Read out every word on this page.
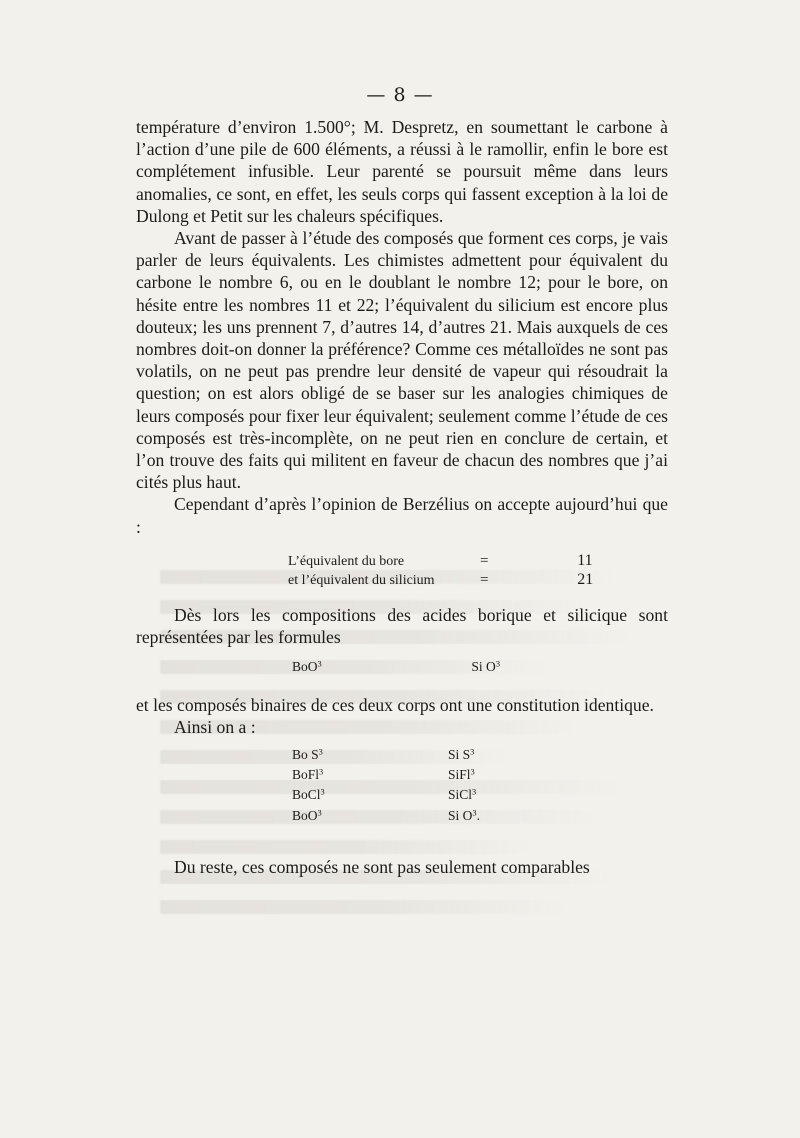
— 8 —

température d’environ 1.500°; M. Despretz, en soumettant le carbone à l’action d’une pile de 600 éléments, a réussi à le ramollir, enfin le bore est complétement infusible. Leur parenté se poursuit même dans leurs anomalies, ce sont, en effet, les seuls corps qui fassent exception à la loi de Dulong et Petit sur les chaleurs spécifiques.

Avant de passer à l’étude des composés que forment ces corps, je vais parler de leurs équivalents. Les chimistes admettent pour équivalent du carbone le nombre 6, ou en le doublant le nombre 12; pour le bore, on hésite entre les nombres 11 et 22; l’équivalent du silicium est encore plus douteux; les uns prennent 7, d’autres 14, d’autres 21. Mais auxquels de ces nombres doit-on donner la préférence? Comme ces métalloïdes ne sont pas volatils, on ne peut pas prendre leur densité de vapeur qui résoudrait la question; on est alors obligé de se baser sur les analogies chimiques de leurs composés pour fixer leur équivalent; seulement comme l’étude de ces composés est très-incomplète, on ne peut rien en conclure de certain, et l’on trouve des faits qui militent en faveur de chacun des nombres que j’ai cités plus haut.

Cependant d’après l’opinion de Berzélius on accepte aujourd’hui que :

L’équivalent du bore	=	11
et l’équivalent du silicium	=	21

Dès lors les compositions des acides borique et silicique sont représentées par les formules

BoO$^3$	Si $O^3$

et les composés binaires de ces deux corps ont une constitution identique.

Ainsi on a :

Bo $S^3$	Si $S^3$
BoFl$^3$	SiFl$^3$
BoCl$^3$	SiCl$^3$
BoO$^3$	Si $O^3$.

Du reste, ces composés ne sont pas seulement comparables
